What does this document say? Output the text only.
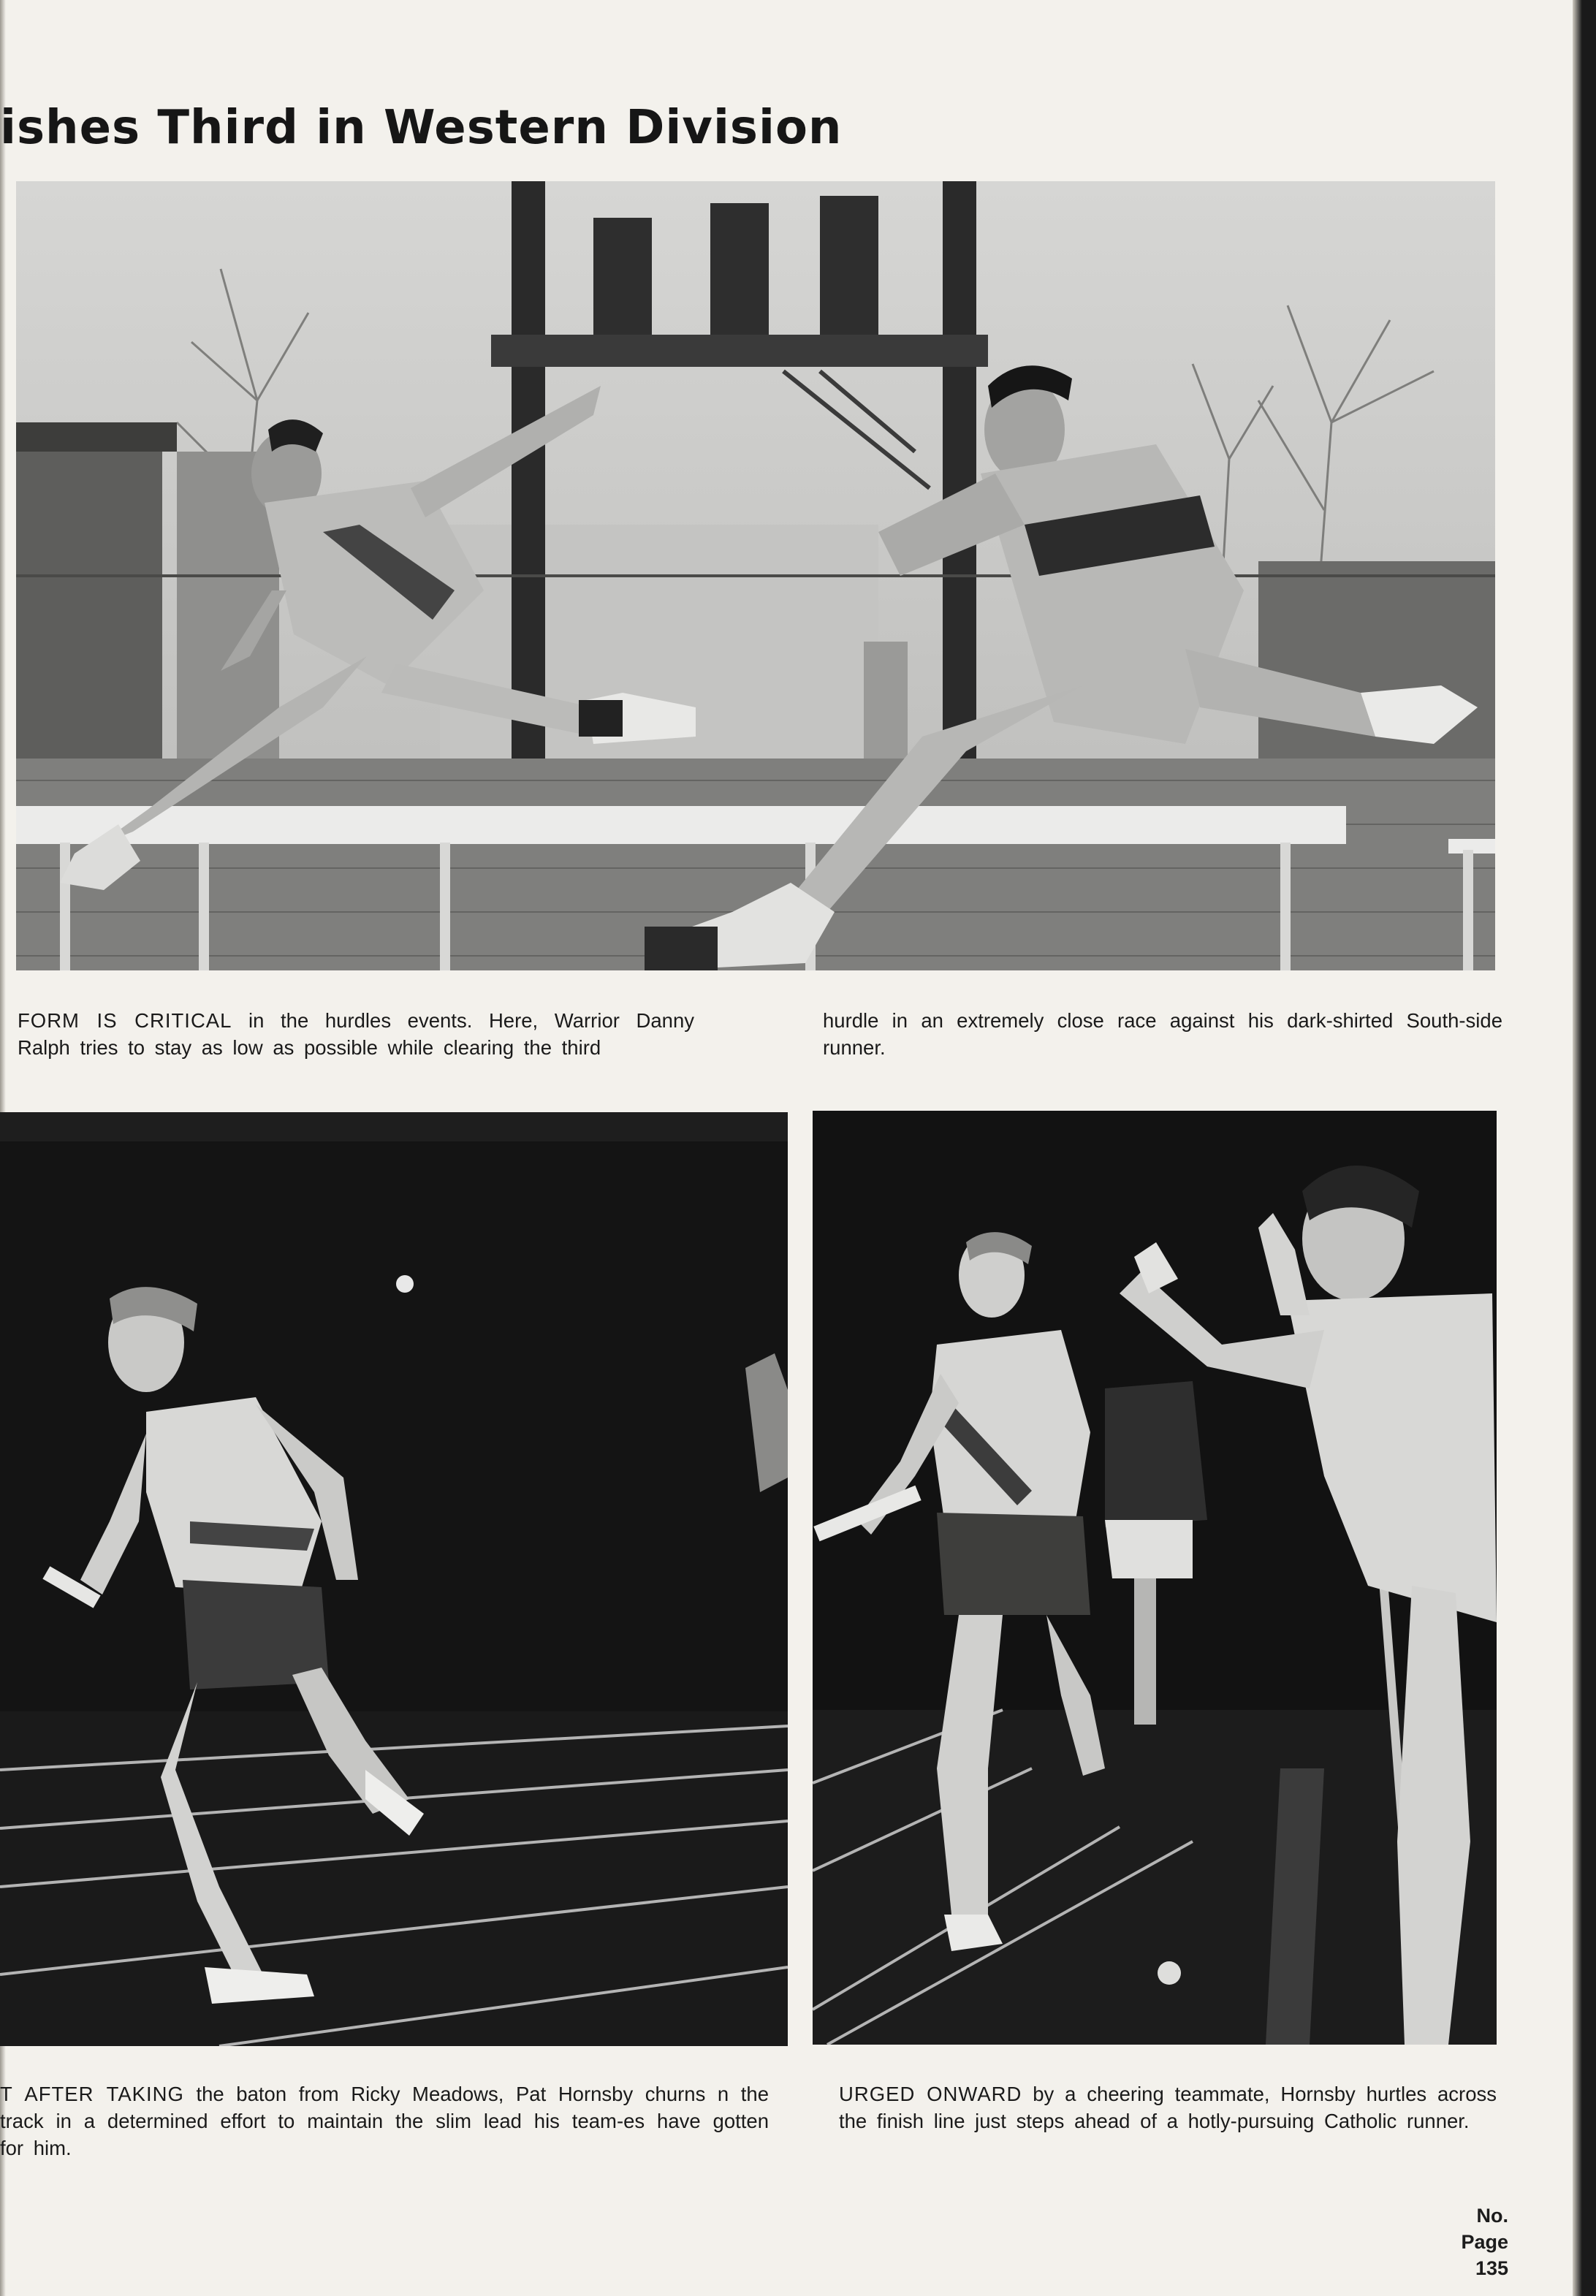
ishes Third in Western Division
FORM IS CRITICAL in the hurdles events. Here, Warrior Danny Ralph tries to stay as low as possible while clearing the third
hurdle in an extremely close race against his dark-shirted South-side runner.
T AFTER TAKING the baton from Ricky Meadows, Pat Hornsby churns n the track in a determined effort to maintain the slim lead his team-es have gotten for him.
URGED ONWARD by a cheering teammate, Hornsby hurtles across the finish line just steps ahead of a hotly-pursuing Catholic runner.
No.
Page
135
